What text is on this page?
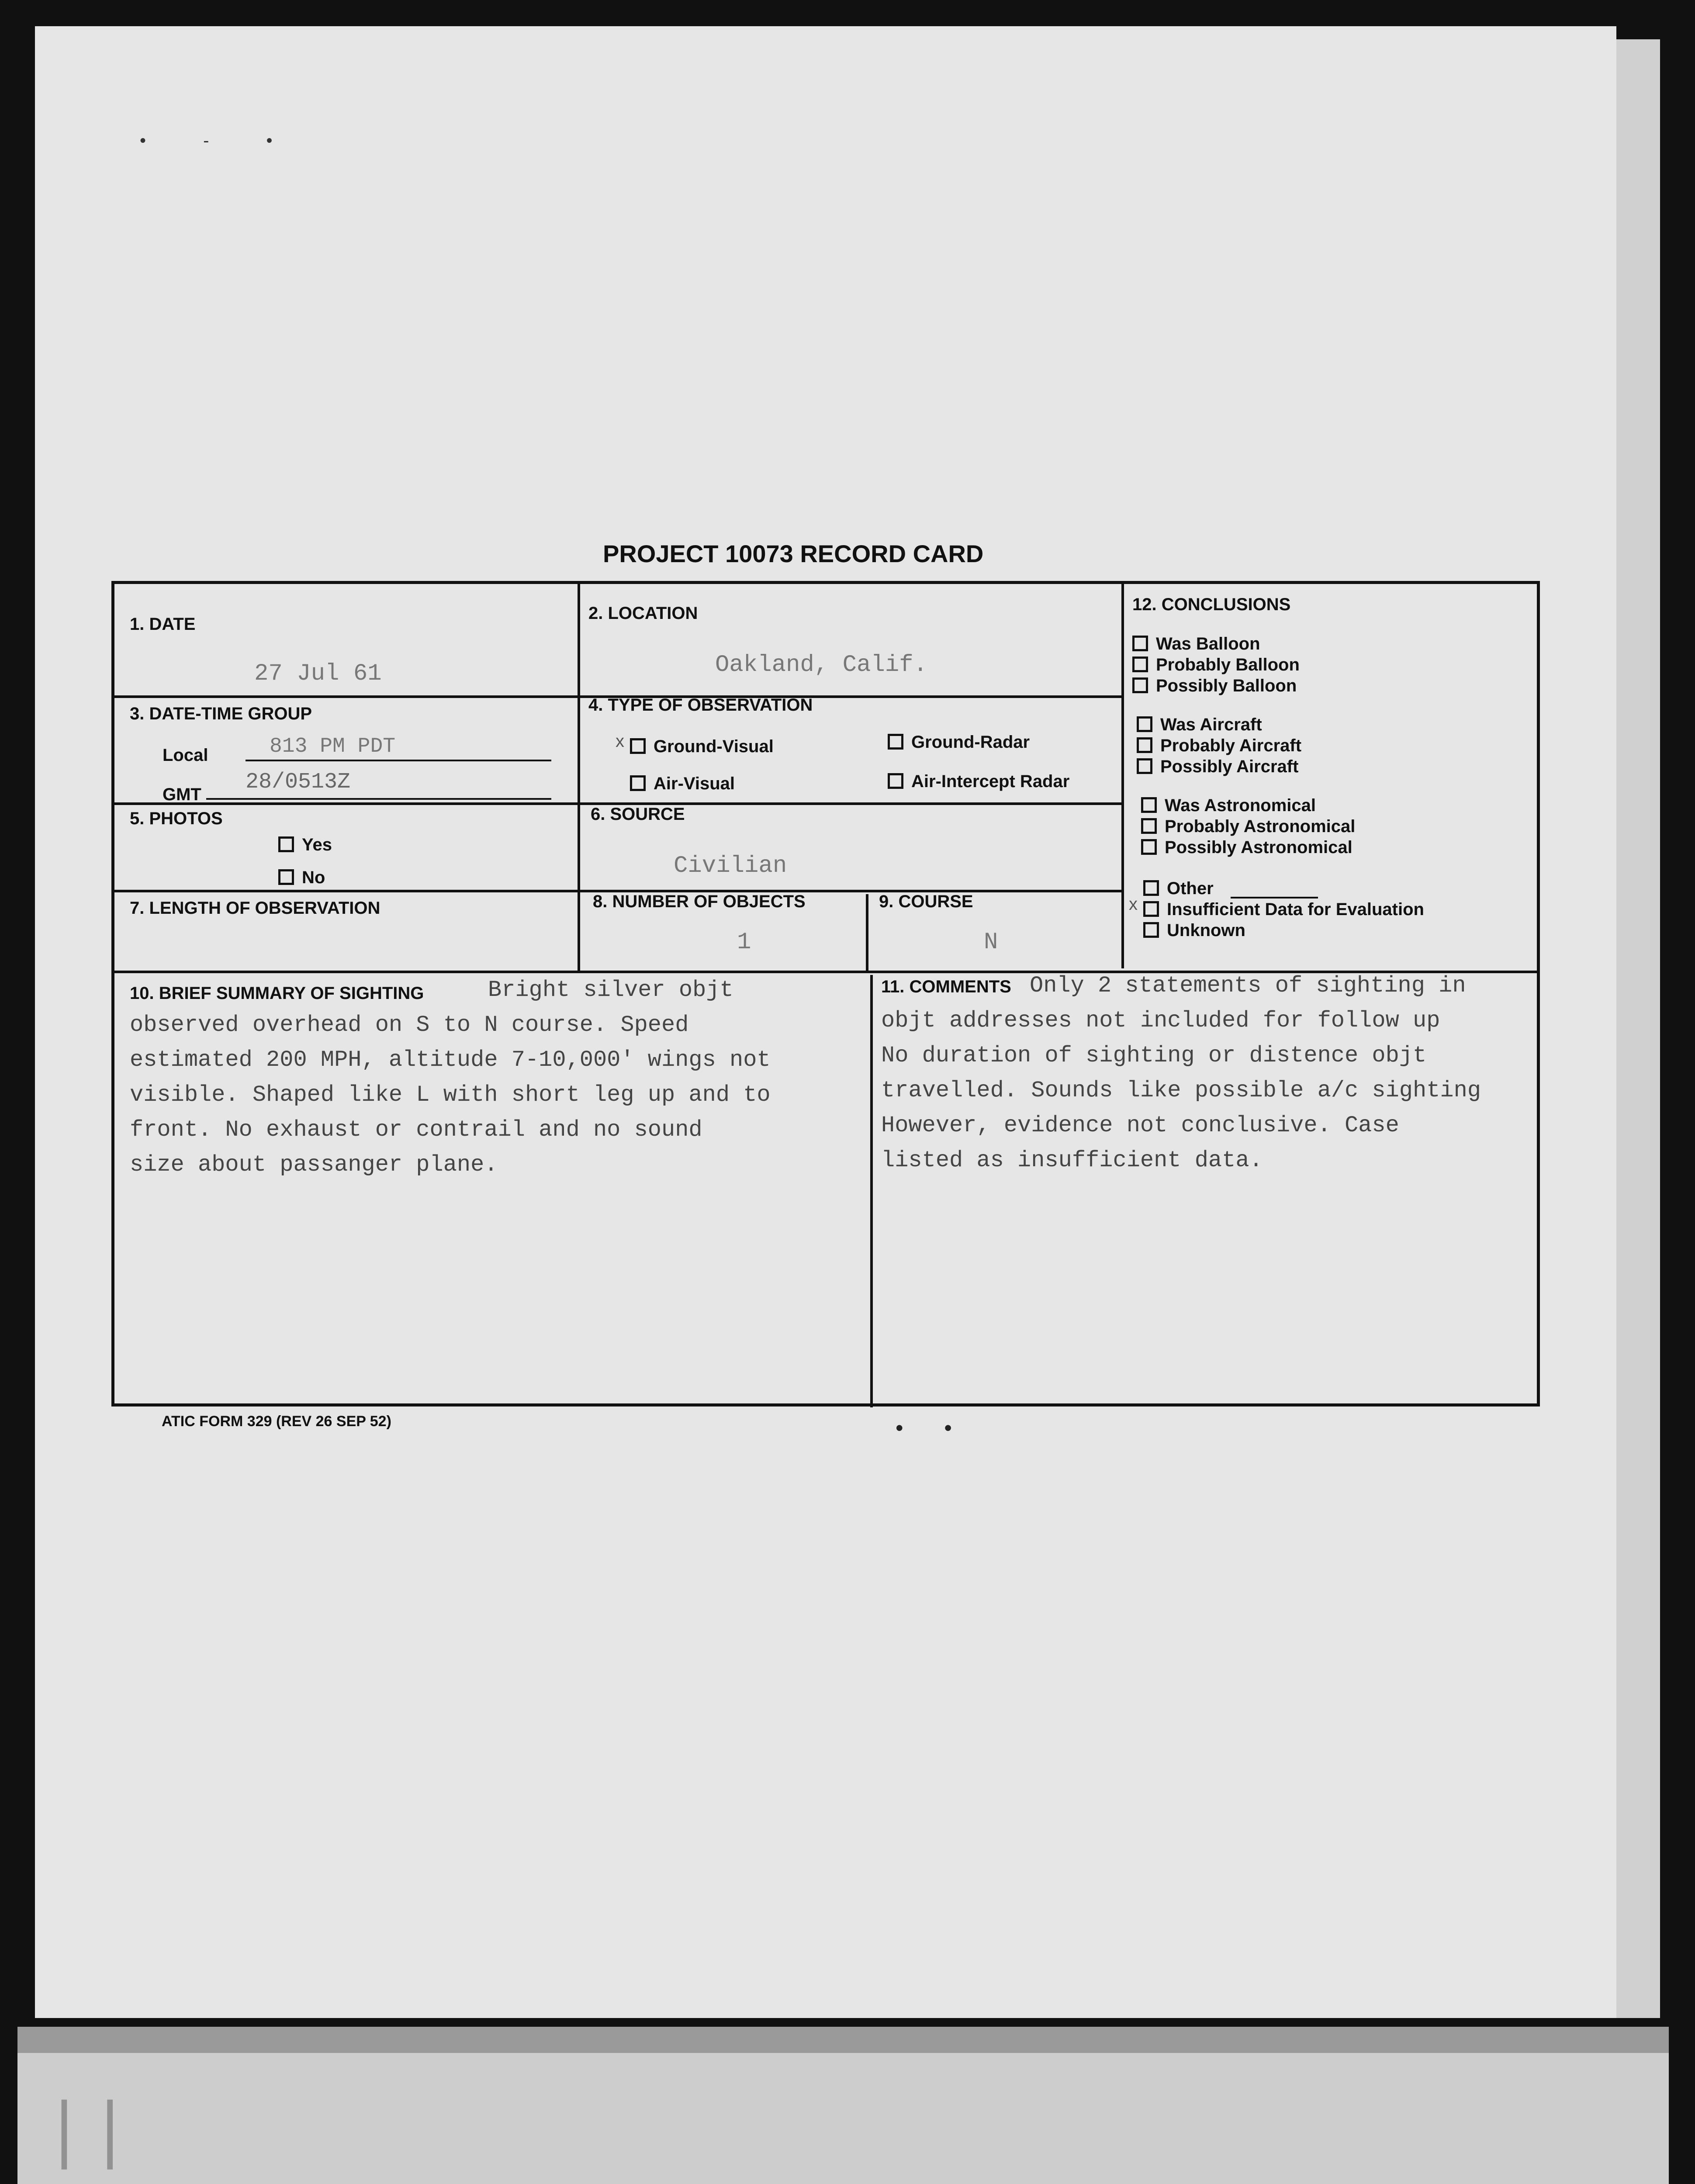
• - •
• •
| |
PROJECT 10073 RECORD CARD
1. DATE
27 Jul 61
2. LOCATION
Oakland, Calif.
3. DATE-TIME GROUP
Local	813 PM PDT
GMT 28/0513Z
4. TYPE OF OBSERVATION
xGround-Visual	Ground-Radar
Air-Visual	Air-Intercept Radar
5. PHOTOS
Yes
No
6. SOURCE
Civilian
7. LENGTH OF OBSERVATION	8. NUMBER OF OBJECTS
1
9. COURSE
N
10. BRIEF SUMMARY OF SIGHTING	Bright silver objt
observed overhead on S to N course. Speed
estimated 200 MPH, altitude 7-10,000' wings not
visible. Shaped like L with short leg up and to
front. No exhaust or contrail and no sound
size about passanger plane.
11. COMMENTS Only 2 statements of sighting in
objt addresses not included for follow up
No duration of sighting or distence objt
travelled. Sounds like possible a/c sighting
However, evidence not conclusive. Case
listed as insufficient data.
12. CONCLUSIONS
Was Balloon
Probably Balloon
Possibly Balloon
Was Aircraft
Probably Aircraft
Possibly Aircraft
Was Astronomical
Probably Astronomical
Possibly Astronomical
Other
xInsufficient Data for Evaluation
Unknown
ATIC FORM 329 (REV 26 SEP 52)
